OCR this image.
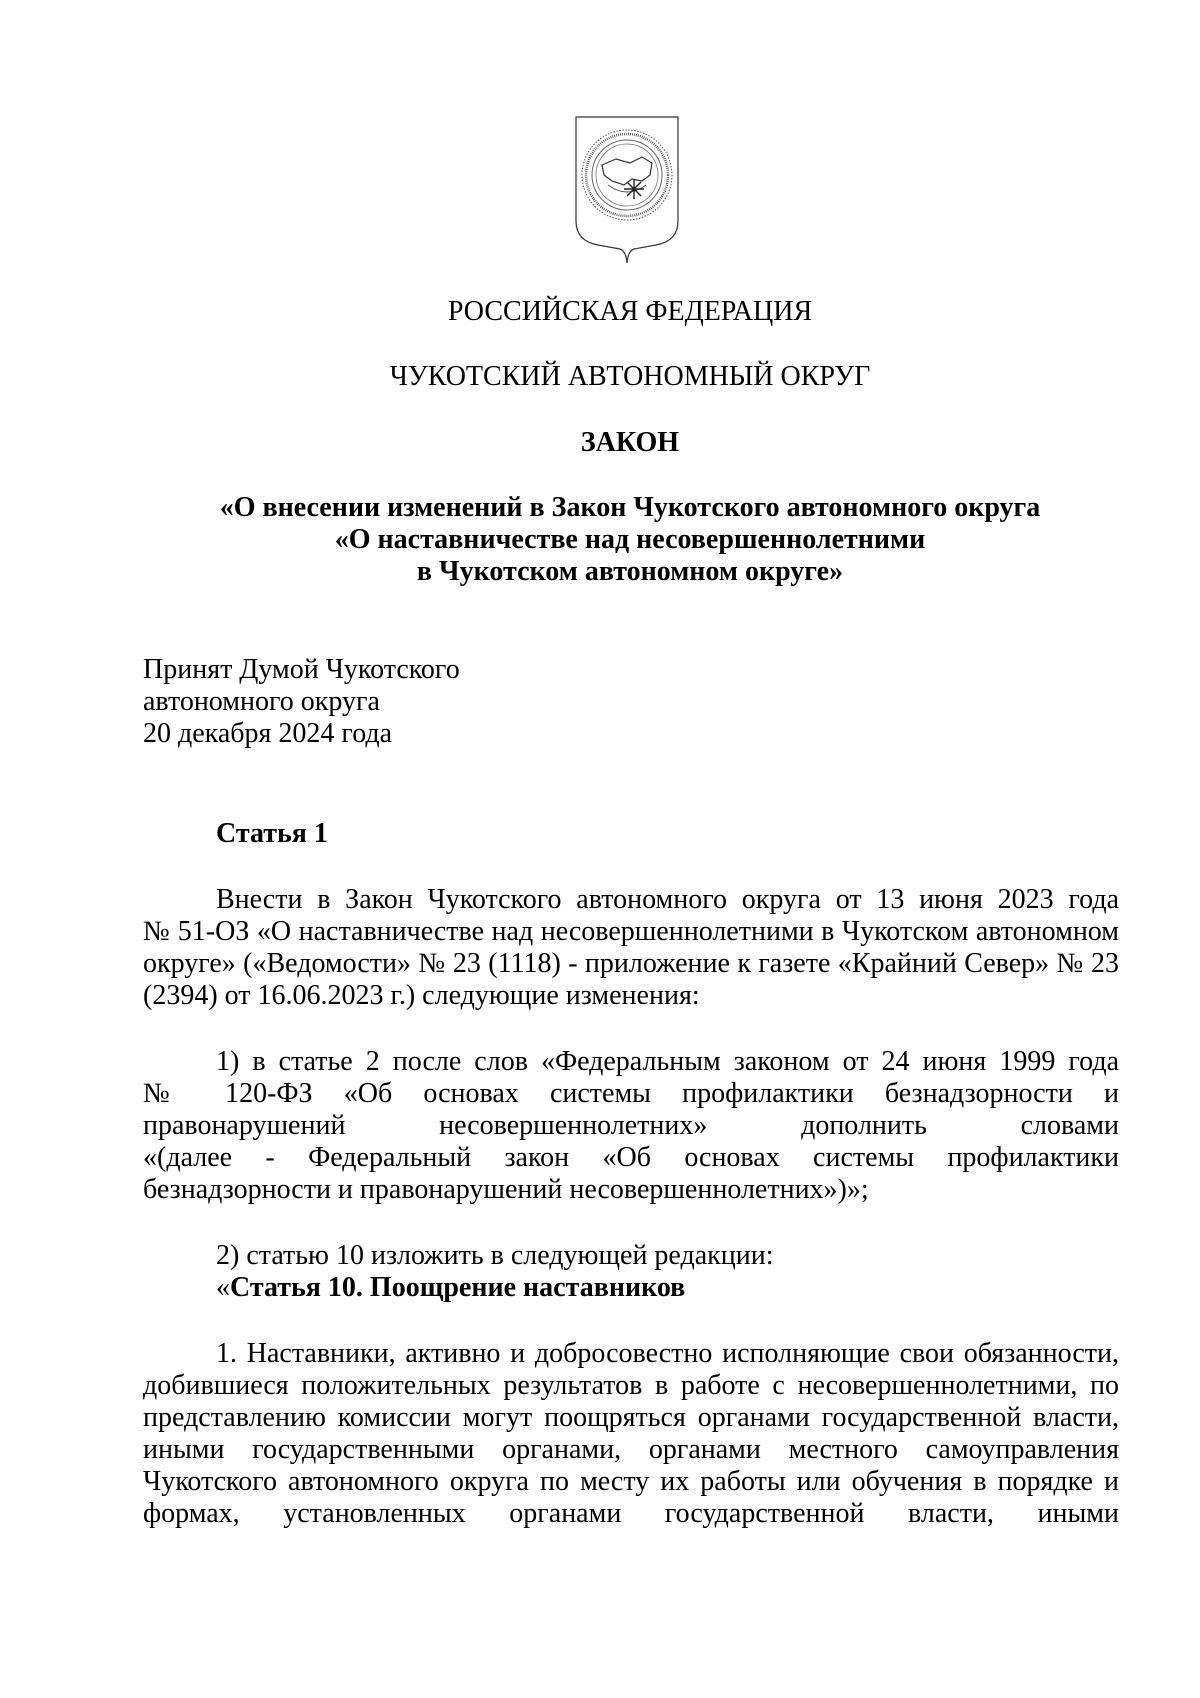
РОССИЙСКАЯ ФЕДЕРАЦИЯ
ЧУКОТСКИЙ АВТОНОМНЫЙ ОКРУГ
ЗАКОН
«О внесении изменений в Закон Чукотского автономного округа
«О наставничестве над несовершеннолетними
в Чукотском автономном округе»
Принят Думой Чукотского
автономного округа
20 декабря 2024 года
Статья 1
Внести в Закон Чукотского автономного округа от 13 июня 2023 года
№ 51-ОЗ «О наставничестве над несовершеннолетними в Чукотском автономном
округе» («Ведомости» № 23 (1118) - приложение к газете «Крайний Север» № 23
(2394) от 16.06.2023 г.) следующие изменения:
1) в статье 2 после слов «Федеральным законом от 24 июня 1999 года
№ 120-ФЗ «Об основах системы профилактики безнадзорности и
правонарушений несовершеннолетних» дополнить словами
«(далее - Федеральный закон «Об основах системы профилактики
безнадзорности и правонарушений несовершеннолетних»)»;
2) статью 10 изложить в следующей редакции:
«Статья 10. Поощрение наставников
1. Наставники, активно и добросовестно исполняющие свои обязанности,
добившиеся положительных результатов в работе с несовершеннолетними, по
представлению комиссии могут поощряться органами государственной власти,
иными государственными органами, органами местного самоуправления
Чукотского автономного округа по месту их работы или обучения в порядке и
формах, установленных органами государственной власти, иными
